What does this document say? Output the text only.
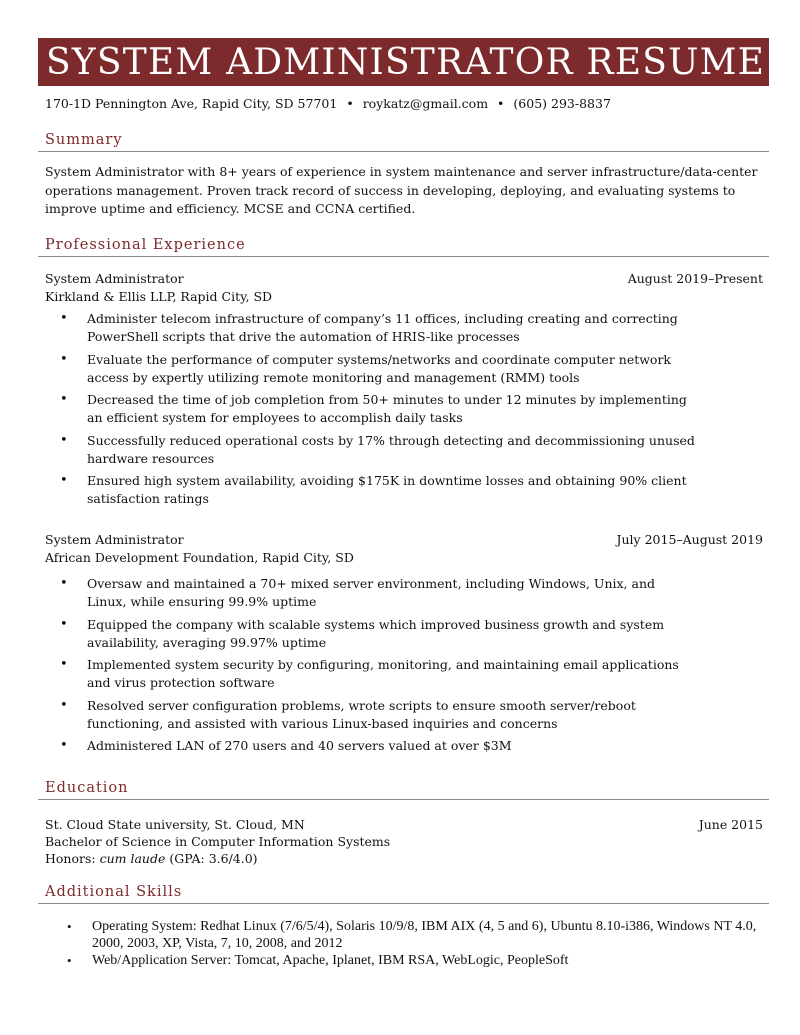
SYSTEM ADMINISTRATOR RESUME
170-1D Pennington Ave, Rapid City, SD 57701 • roykatz@gmail.com • (605) 293-8837
Summary
System Administrator with 8+ years of experience in system maintenance and server infrastructure/data-center operations management. Proven track record of success in developing, deploying, and evaluating systems to improve uptime and efficiency. MCSE and CCNA certified.
Professional Experience
System Administrator	August 2019–Present
Kirkland & Ellis LLP, Rapid City, SD
• Administer telecom infrastructure of company’s 11 offices, including creating and correcting PowerShell scripts that drive the automation of HRIS-like processes
• Evaluate the performance of computer systems/networks and coordinate computer network access by expertly utilizing remote monitoring and management (RMM) tools
• Decreased the time of job completion from 50+ minutes to under 12 minutes by implementing an efficient system for employees to accomplish daily tasks
• Successfully reduced operational costs by 17% through detecting and decommissioning unused hardware resources
• Ensured high system availability, avoiding $175K in downtime losses and obtaining 90% client satisfaction ratings
System Administrator	July 2015–August 2019
African Development Foundation, Rapid City, SD
• Oversaw and maintained a 70+ mixed server environment, including Windows, Unix, and Linux, while ensuring 99.9% uptime
• Equipped the company with scalable systems which improved business growth and system availability, averaging 99.97% uptime
• Implemented system security by configuring, monitoring, and maintaining email applications and virus protection software
• Resolved server configuration problems, wrote scripts to ensure smooth server/reboot functioning, and assisted with various Linux-based inquiries and concerns
• Administered LAN of 270 users and 40 servers valued at over $3M
Education
St. Cloud State university, St. Cloud, MN	June 2015
Bachelor of Science in Computer Information Systems
Honors: cum laude (GPA: 3.6/4.0)
Additional Skills
• Operating System: Redhat Linux (7/6/5/4), Solaris 10/9/8, IBM AIX (4, 5 and 6), Ubuntu 8.10-i386, Windows NT 4.0, 2000, 2003, XP, Vista, 7, 10, 2008, and 2012
• Web/Application Server: Tomcat, Apache, Iplanet, IBM RSA, WebLogic, PeopleSoft
